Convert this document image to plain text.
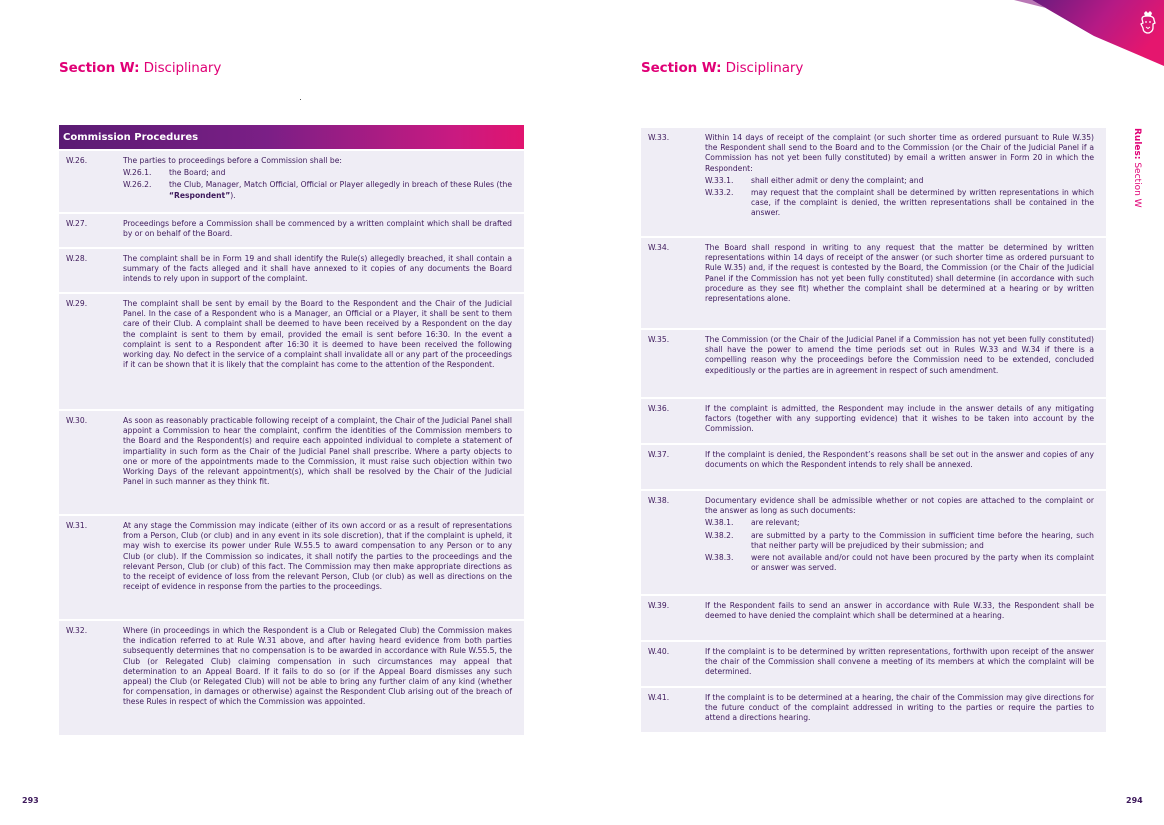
Section W: Disciplinary
Commission Procedures
W.26.	The parties to proceedings before a Commission shall be:
W.26.1.	the Board; and
W.26.2.	the Club, Manager, Match Official, Official or Player allegedly in breach of these Rules (the “Respondent”).
W.27.	Proceedings before a Commission shall be commenced by a written complaint which shall be drafted by or on behalf of the Board.
W.28.	The complaint shall be in Form 19 and shall identify the Rule(s) allegedly breached, it shall contain a summary of the facts alleged and it shall have annexed to it copies of any documents the Board intends to rely upon in support of the complaint.
W.29.	The complaint shall be sent by email by the Board to the Respondent and the Chair of the Judicial Panel. In the case of a Respondent who is a Manager, an Official or a Player, it shall be sent to them care of their Club. A complaint shall be deemed to have been received by a Respondent on the day the complaint is sent to them by email, provided the email is sent before 16:30. In the event a complaint is sent to a Respondent after 16:30 it is deemed to have been received the following working day. No defect in the service of a complaint shall invalidate all or any part of the proceedings if it can be shown that it is likely that the complaint has come to the attention of the Respondent.
W.30.	As soon as reasonably practicable following receipt of a complaint, the Chair of the Judicial Panel shall appoint a Commission to hear the complaint, confirm the identities of the Commission members to the Board and the Respondent(s) and require each appointed individual to complete a statement of impartiality in such form as the Chair of the Judicial Panel shall prescribe. Where a party objects to one or more of the appointments made to the Commission, it must raise such objection within two Working Days of the relevant appointment(s), which shall be resolved by the Chair of the Judicial Panel in such manner as they think fit.
W.31.	At any stage the Commission may indicate (either of its own accord or as a result of representations from a Person, Club (or club) and in any event in its sole discretion), that if the complaint is upheld, it may wish to exercise its power under Rule W.55.5 to award compensation to any Person or to any Club (or club). If the Commission so indicates, it shall notify the parties to the proceedings and the relevant Person, Club (or club) of this fact. The Commission may then make appropriate directions as to the receipt of evidence of loss from the relevant Person, Club (or club) as well as directions on the receipt of evidence in response from the parties to the proceedings.
W.32.	Where (in proceedings in which the Respondent is a Club or Relegated Club) the Commission makes the indication referred to at Rule W.31 above, and after having heard evidence from both parties subsequently determines that no compensation is to be awarded in accordance with Rule W.55.5, the Club (or Relegated Club) claiming compensation in such circumstances may appeal that determination to an Appeal Board. If it fails to do so (or if the Appeal Board dismisses any such appeal) the Club (or Relegated Club) will not be able to bring any further claim of any kind (whether for compensation, in damages or otherwise) against the Respondent Club arising out of the breach of these Rules in respect of which the Commission was appointed.
293
Section W: Disciplinary
W.33.	Within 14 days of receipt of the complaint (or such shorter time as ordered pursuant to Rule W.35) the Respondent shall send to the Board and to the Commission (or the Chair of the Judicial Panel if a Commission has not yet been fully constituted) by email a written answer in Form 20 in which the Respondent:
W.33.1.	shall either admit or deny the complaint; and
W.33.2.	may request that the complaint shall be determined by written representations in which case, if the complaint is denied, the written representations shall be contained in the answer.
W.34.	The Board shall respond in writing to any request that the matter be determined by written representations within 14 days of receipt of the answer (or such shorter time as ordered pursuant to Rule W.35) and, if the request is contested by the Board, the Commission (or the Chair of the Judicial Panel if the Commission has not yet been fully constituted) shall determine (in accordance with such procedure as they see fit) whether the complaint shall be determined at a hearing or by written representations alone.
W.35.	The Commission (or the Chair of the Judicial Panel if a Commission has not yet been fully constituted) shall have the power to amend the time periods set out in Rules W.33 and W.34 if there is a compelling reason why the proceedings before the Commission need to be extended, concluded expeditiously or the parties are in agreement in respect of such amendment.
W.36.	If the complaint is admitted, the Respondent may include in the answer details of any mitigating factors (together with any supporting evidence) that it wishes to be taken into account by the Commission.
W.37.	If the complaint is denied, the Respondent’s reasons shall be set out in the answer and copies of any documents on which the Respondent intends to rely shall be annexed.
W.38.	Documentary evidence shall be admissible whether or not copies are attached to the complaint or the answer as long as such documents:
W.38.1.	are relevant;
W.38.2.	are submitted by a party to the Commission in sufficient time before the hearing, such that neither party will be prejudiced by their submission; and
W.38.3.	were not available and/or could not have been procured by the party when its complaint or answer was served.
W.39.	If the Respondent fails to send an answer in accordance with Rule W.33, the Respondent shall be deemed to have denied the complaint which shall be determined at a hearing.
W.40.	If the complaint is to be determined by written representations, forthwith upon receipt of the answer the chair of the Commission shall convene a meeting of its members at which the complaint will be determined.
W.41.	If the complaint is to be determined at a hearing, the chair of the Commission may give directions for the future conduct of the complaint addressed in writing to the parties or require the parties to attend a directions hearing.
294
Rules: Section W
